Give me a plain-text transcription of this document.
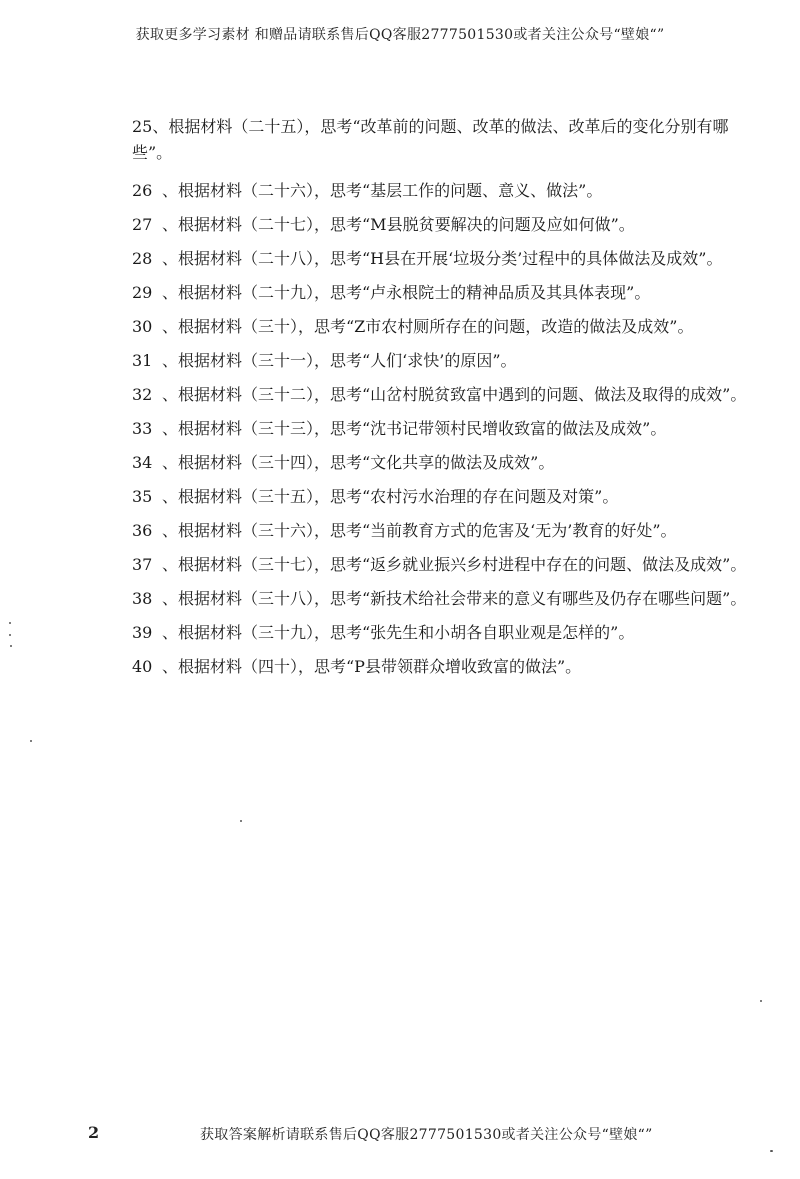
获取更多学习素材 和赠品请联系售后QQ客服2777501530或者关注公众号“壁娘“”

25、根据材料（二十五），思考“改革前的问题、改革的做法、改革后的变化分别有哪些”。

26 、根据材料（二十六），思考“基层工作的问题、意义、做法”。

27 、根据材料（二十七），思考“M县脱贫要解决的问题及应如何做”。

28 、根据材料（二十八），思考“H县在开展‘垃圾分类’过程中的具体做法及成效”。

29 、根据材料（二十九），思考“卢永根院士的精神品质及其具体表现”。

30 、根据材料（三十），思考“Z市农村厕所存在的问题，改造的做法及成效”。

31 、根据材料（三十一），思考“人们‘求快’的原因”。

32 、根据材料（三十二），思考“山岔村脱贫致富中遇到的问题、做法及取得的成效”。

33 、根据材料（三十三），思考“沈书记带领村民增收致富的做法及成效”。

34 、根据材料（三十四），思考“文化共享的做法及成效”。

35 、根据材料（三十五），思考“农村污水治理的存在问题及对策”。

36 、根据材料（三十六），思考“当前教育方式的危害及‘无为’教育的好处”。

37 、根据材料（三十七），思考“返乡就业振兴乡村进程中存在的问题、做法及成效”。

38 、根据材料（三十八），思考“新技术给社会带来的意义有哪些及仍存在哪些问题”。

39 、根据材料（三十九），思考“张先生和小胡各自职业观是怎样的”。

40 、根据材料（四十），思考“P县带领群众增收致富的做法”。

2	获取答案解析请联系售后QQ客服2777501530或者关注公众号“壁娘“”
